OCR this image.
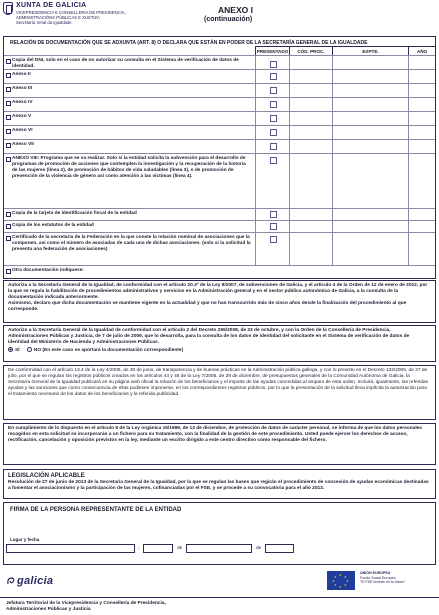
XUNTA DE GALICIA
VICEPRESIDENCIA E CONSELLERÍA DE PRESIDENCIA,
ADMINISTRACIÓNS PÚBLICAS E XUSTIZA
Secretaría Xeral da Igualdade
ANEXO I
(continuación)
RELACIÓN DE DOCUMENTACIÓN QUE SE ADXUNTA (ART. 8) O DECLARA QUE ESTÁN EN PODER DE LA SECRETARÍA GENERAL DE LA IGUALDADE
PRESENTADO	CÓD. PROC.	EXPTE.	AÑO
Copia del DNI, solo en el caso de no autorizar su consulta en el Sistema de verificación de datos de identidad.
Anexo II
Anexo III
Anexo IV
Anexo V
Anexo VI
Anexo VII
ANEXO VIII: Programa que se va realizar. Solo si la entidad solicita la subvención para el desarrollo de programas de promoción de acciones que contemplen la investigación y la recuperación de la historia de las mujeres (línea 2), de promoción de hábitos de vida saludables (línea 3), o de promoción de prevención de la violencia de género así como atención a las víctimas (línea 4).
Copia de la tarjeta de identificación fiscal de la entidad
Copia de los estatutos de la entidad
Certificado de la secretaria de la Federación en la que conste la relación nominal de asociaciones que la componen, así como el número de asociadas de cada una de dichas asociaciones. (solo si la solicitud la presenta una federación de asociaciones)
Otra documentación indíquese:
Autoriza a la Secretaría General de la Igualdad, de conformidad con el artículo 20.3º de la Ley 9/2007, de subvenciones de Galicia, y el artículo 4 de la Orden de 12 de enero de 2012, por la que se regula la habilitación de procedimientos administrativos y servicios en la Administración general y en el sector público autonómico de Galicia, a la consulta de la documentación indicada anteriormente.
Asimismo, declaro que dicha documentación se mantiene vigente en la actualidad y que no han transcurrido más de cinco años desde la finalización del procedimiento al que corresponde.
Autorizo a la Secretaría General de la Igualdad de conformidad con el artículo 2 del Decreto 255/2008, de 23 de octubre, y con la Orden de la Consellería de Presidencia, Administraciones Públicas y Justicia, de 7 de julio de 2009, que lo desarrolla, para la consulta de los datos de identidad del solicitante en el Sistema de verificación de datos de identidad del Ministerio de Hacienda y Administraciones Públicas.
SÍ	NO (En este caso se aportará la documentación correspondiente)
De conformidad con el artículo 13.4 de la Ley 4/2006, de 30 de junio, de transparencia y de buenas prácticas en la Administración pública gallega, y con lo previsto en el Decreto 132/2006, de 27 de julio, por el que se regulan los registros públicos creados en los artículos 44 y 45 de la Ley 7/2005, de 29 de diciembre, de presupuestos generales de la Comunidad Autónoma de Galicia, la Secretaría General de la Igualdad publicará en su página web oficial la relación de los beneficiarios y el importe de las ayudas concedidas al amparo de esta orden. Incluirá, igualmente, las referidas ayudas y las sanciones que como consecuencia de ellas pudiesen imponerse, en los correspondientes registros públicos, por lo que la presentación de la solicitud lleva implícita la autorización para el tratamiento necesario de los datos de los beneficiarios y la referida publicidad.
En cumplimiento de lo dispuesto en el artículo 5 de la Ley orgánica 15/1999, de 13 de diciembre, de protección de datos de carácter personal, se informa de que los datos personales recogidos en esta solicitud se incorporarán a un fichero para su tratamiento, con la finalidad de la gestión de este procedimiento. Usted puede ejercer los derechos de acceso, rectificación, cancelación y oposición previstos en la ley, mediante un escrito dirigido a este centro directivo como responsable del fichero.
LEGISLACIÓN APLICABLE
Resolución de 27 de junio de 2013 de la Secretaría General de la Igualdad, por la que se regulan las bases que regirán el procedimiento de concesión de ayudas económicas destinadas a fomentar el asociacionismo y la participación de las mujeres, cofinanciadas por el FSE, y se procede a su convocatoria para el año 2013.
FIRMA DE LA PERSONA REPRESENTANTE DE LA ENTIDAD
Lugar y fecha
,	de	de
galicia	★ ★
★
★
★
★
★
★
UNIÓN EUROPEA
Fondo Social Europeo
"El FSE invierte en tu futuro"
Jefatura Territorial de la Vicepresidencia y Consellería de Presidencia,
Administraciones Públicas y Justicia
